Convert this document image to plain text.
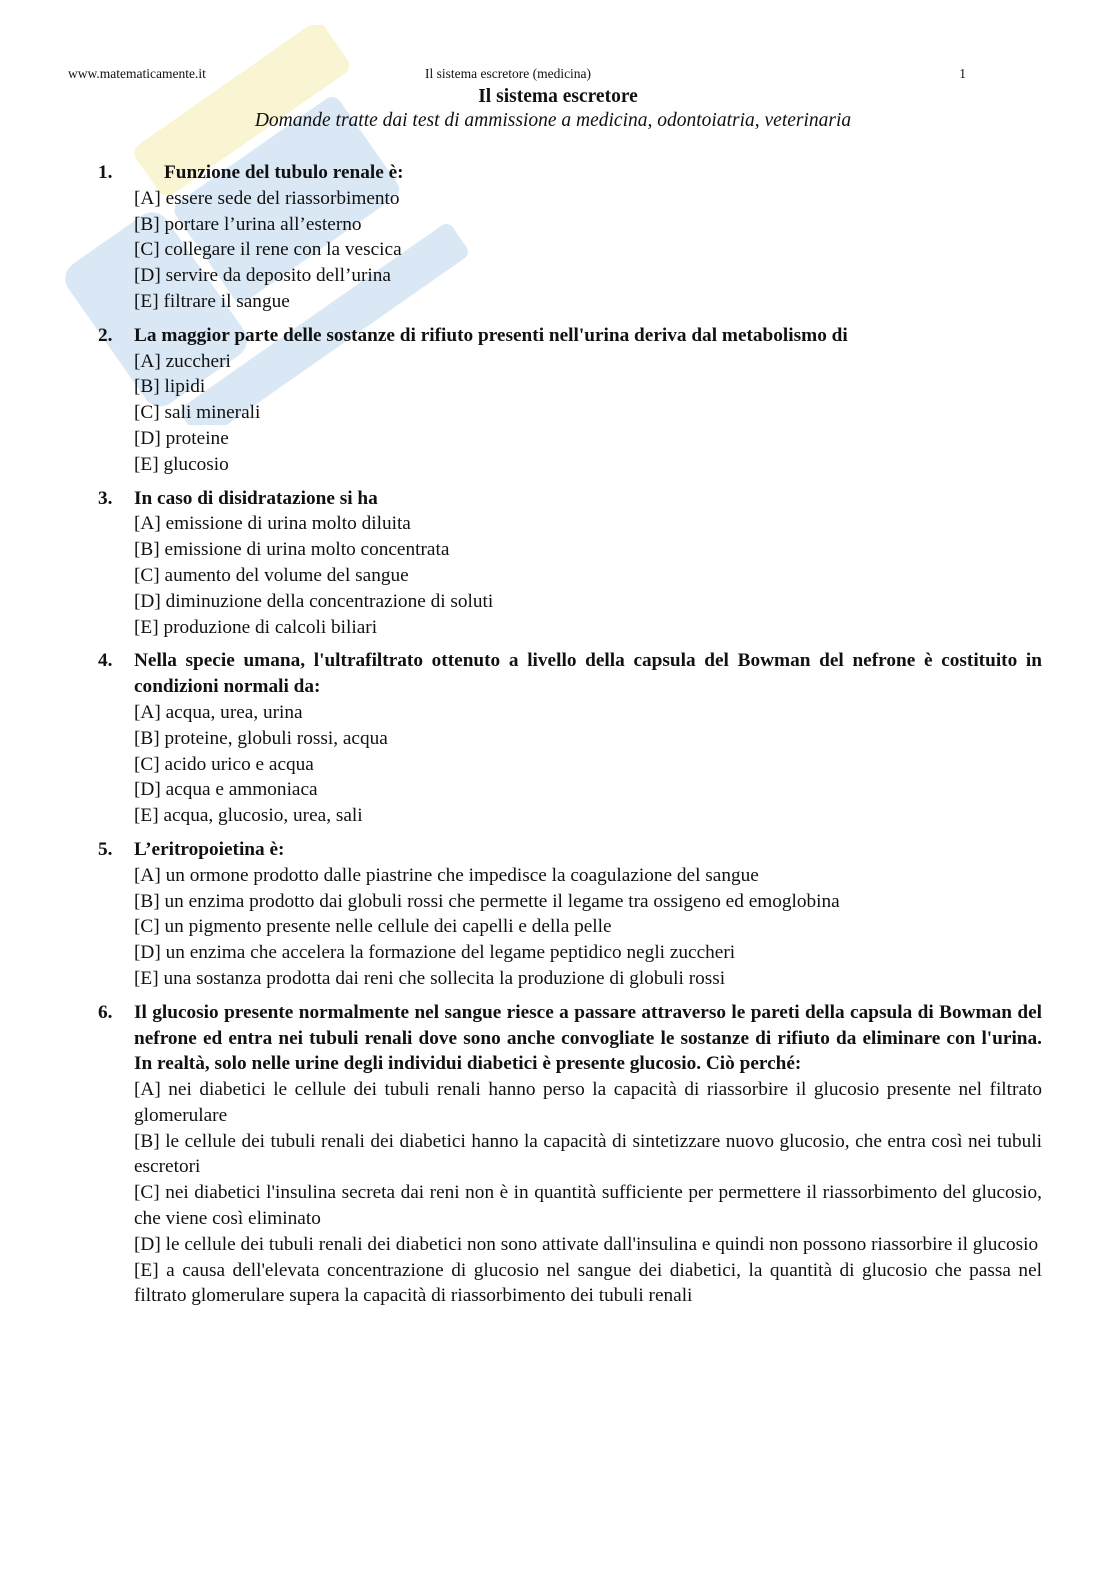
www.matematicamente.it	Il sistema escretore (medicina)	1
Il sistema escretore
Domande tratte dai test di ammissione a medicina, odontoiatria, veterinaria
1.	Funzione del tubulo renale è:

[A] essere sede del riassorbimento

[B] portare l’urina all’esterno

[C] collegare il rene con la vescica

[D] servire da deposito dell’urina

[E] filtrare il sangue

2. La maggior parte delle sostanze di rifiuto presenti nell'urina deriva dal metabolismo di

[A] zuccheri

[B] lipidi

[C] sali minerali

[D] proteine

[E] glucosio

3. In caso di disidratazione si ha

[A] emissione di urina molto diluita

[B] emissione di urina molto concentrata

[C] aumento del volume del sangue

[D] diminuzione della concentrazione di soluti

[E] produzione di calcoli biliari

4. Nella specie umana, l'ultrafiltrato ottenuto a livello della capsula del Bowman del nefrone è costituito in condizioni normali da:

[A] acqua, urea, urina

[B] proteine, globuli rossi, acqua

[C] acido urico e acqua

[D] acqua e ammoniaca

[E] acqua, glucosio, urea, sali

5. L’eritropoietina è:

[A] un ormone prodotto dalle piastrine che impedisce la coagulazione del sangue

[B] un enzima prodotto dai globuli rossi che permette il legame tra ossigeno ed emoglobina

[C] un pigmento presente nelle cellule dei capelli e della pelle

[D] un enzima che accelera la formazione del legame peptidico negli zuccheri

[E] una sostanza prodotta dai reni che sollecita la produzione di globuli rossi

6. Il glucosio presente normalmente nel sangue riesce a passare attraverso le pareti della capsula di Bowman del nefrone ed entra nei tubuli renali dove sono anche convogliate le sostanze di rifiuto da eliminare con l'urina. In realtà, solo nelle urine degli individui diabetici è presente glucosio. Ciò perché:

[A] nei diabetici le cellule dei tubuli renali hanno perso la capacità di riassorbire il glucosio presente nel filtrato glomerulare

[B] le cellule dei tubuli renali dei diabetici hanno la capacità di sintetizzare nuovo glucosio, che entra così nei tubuli escretori

[C] nei diabetici l'insulina secreta dai reni non è in quantità sufficiente per permettere il riassorbimento del glucosio, che viene così eliminato

[D] le cellule dei tubuli renali dei diabetici non sono attivate dall'insulina e quindi non possono riassorbire il glucosio

[E] a causa dell'elevata concentrazione di glucosio nel sangue dei diabetici, la quantità di glucosio che passa nel filtrato glomerulare supera la capacità di riassorbimento dei tubuli renali
